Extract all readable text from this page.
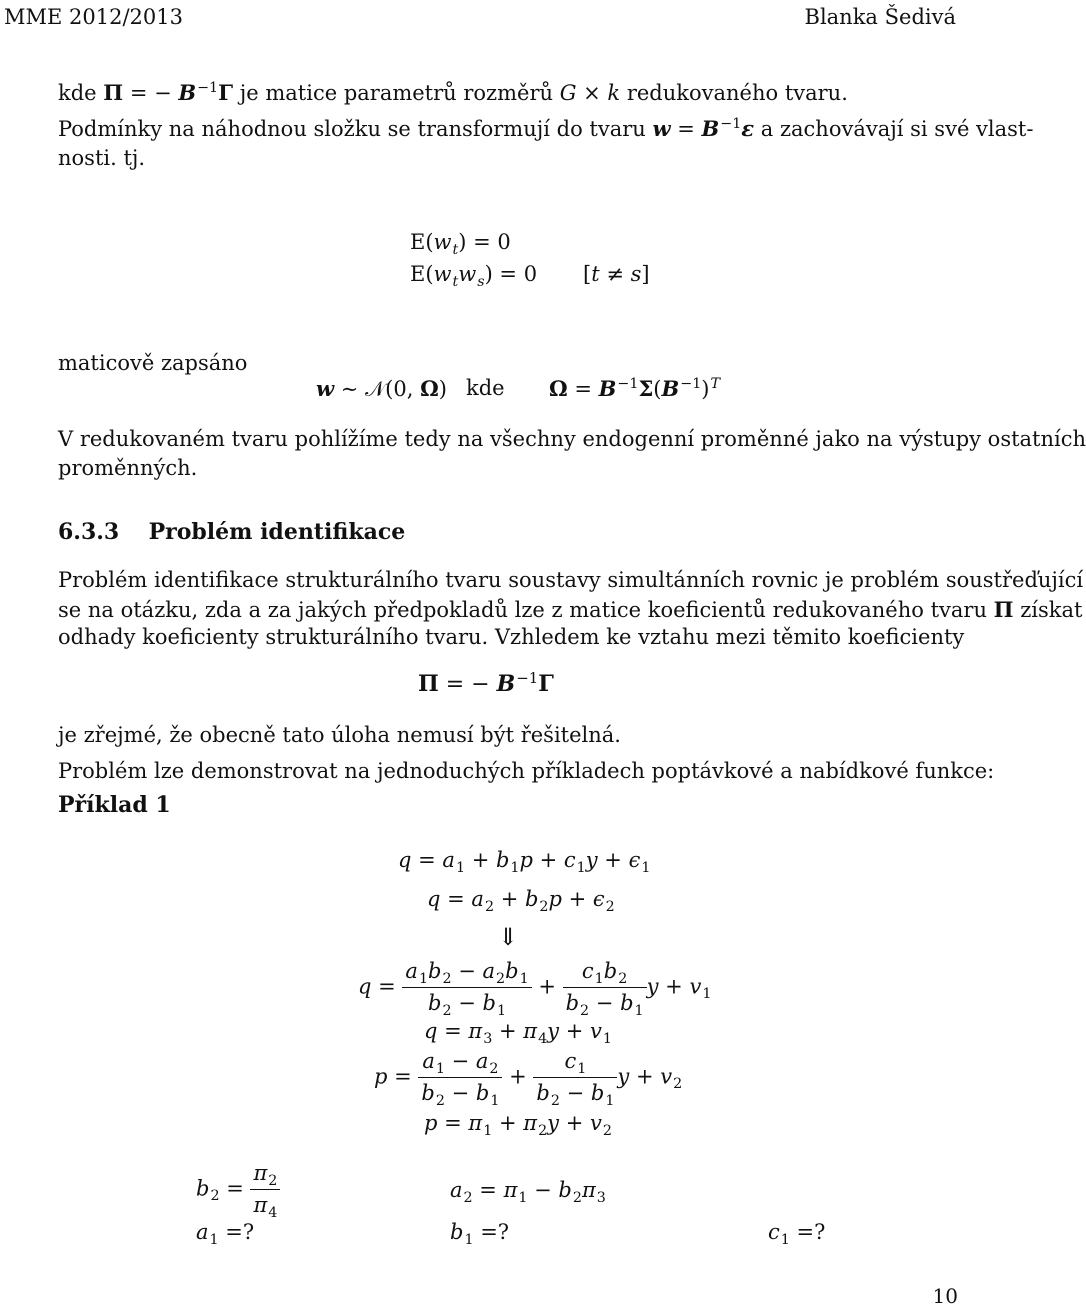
MME 2012/2013	Blanka Šedivá
kde Π = − $B^{-1}\Gamma$ je matice parametrů rozměrů G × k redukovaného tvaru.
Podmínky na náhodnou složku se transformují do tvaru $w = B^{-1}\varepsilon$ a zachovávají si své vlast-
nosti. tj.
$E(w_t) = 0$
$E(w_tw_s) = 0$ [t ≠ s]
maticově zapsáno
w ∼ 𝒩(0, Ω) kde $\Omega = B^{-1}\Sigma(B^{-1})^T$
V redukovaném tvaru pohlížíme tedy na všechny endogenní proměnné jako na výstupy ostatních
proměnných.
6.3.3 Problém identifikace
Problém identifikace strukturálního tvaru soustavy simultánních rovnic je problém soustřeďující
se na otázku, zda a za jakých předpokladů lze z matice koeficientů redukovaného tvaru Π získat
odhady koeficienty strukturálního tvaru. Vzhledem ke vztahu mezi těmito koeficienty
Π = − $B^{-1}\Gamma$
je zřejmé, že obecně tato úloha nemusí být řešitelná.
Problém lze demonstrovat na jednoduchých příkladech poptávkové a nabídkové funkce:
Příklad 1
$q = a_1 + b_1p + c_1y + \epsilon_1$
$q = a_2 + b_2p + \epsilon_2$
⇓
$q = \frac{a_1b_2 - a_2b_1}{b_2 - b_1} + \frac{c_1b_2}{b_2 - b_1}$ $y + v_1$
$q = \pi_3 + \pi_4y + v_1$
$p = \frac{a_1 - a_2}{b_2 - b_1} + \frac{c_1}{b_2 - b_1}$ $y + v_2$
$p = \pi_1 + \pi_2y + v_2$
$b_2 = \frac{\pi_2}{\pi_4}$	$a_2 = \pi_1 - b_2\pi_3$
$a_1$ =?	$b_1$ =?	$c_1$ =?
10
